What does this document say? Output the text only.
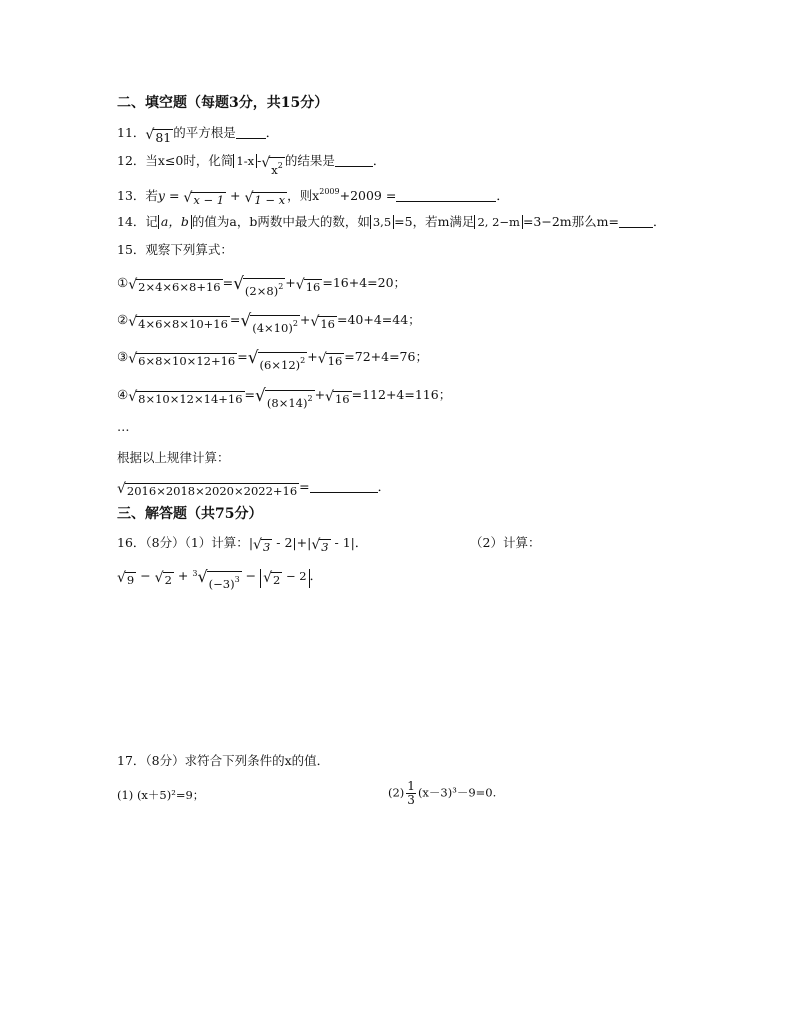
二、填空题（每题3分，共15分）
11． √ 81 的平方根是 ．
12．当x≤0时，化简 1-x - √ $x^2$ 的结果是	．
13．若y = √ x − 1 + √ 1 − x ，则$x^{2009}+2009$ =	．
14．记 a，b 的值为a，b两数中最大的数，如 3,5 =5，若m满足 2, 2−m =3−2m那么m=	．
15．观察下列算式：
① √ 2×4×6×8+16 = √ $(2\times 8)^2$ + √ 16 =16+4=20；
② √ 4×6×8×10+16 = √ $(4\times 10)^2$ + √ 16 =40+4=44；
③ √ 6×8×10×12+16 = √ $(6\times 12)^2$ + √ 16 =72+4=76；
④ √ 8×10×12×14+16 = √ $(8\times 14)^2$ + √ 16 =112+4=116；
…
根据以上规律计算：
√ 2016×2018×2020×2022+16 =	．
三、解答题（共75分）
16．（8分）（1）计算：| √ 3 - 2|+| √ 3 - 1|．	（2）计算：
√ 9 − √ 2 + $^3$ √ $(-3)^3$ − √ 2 − 2 ．
17．（8分）求符合下列条件的x的值．
(1) (x＋5)²=9；	$(2) \frac{1}{3} (x-3)^3-9=0$.
